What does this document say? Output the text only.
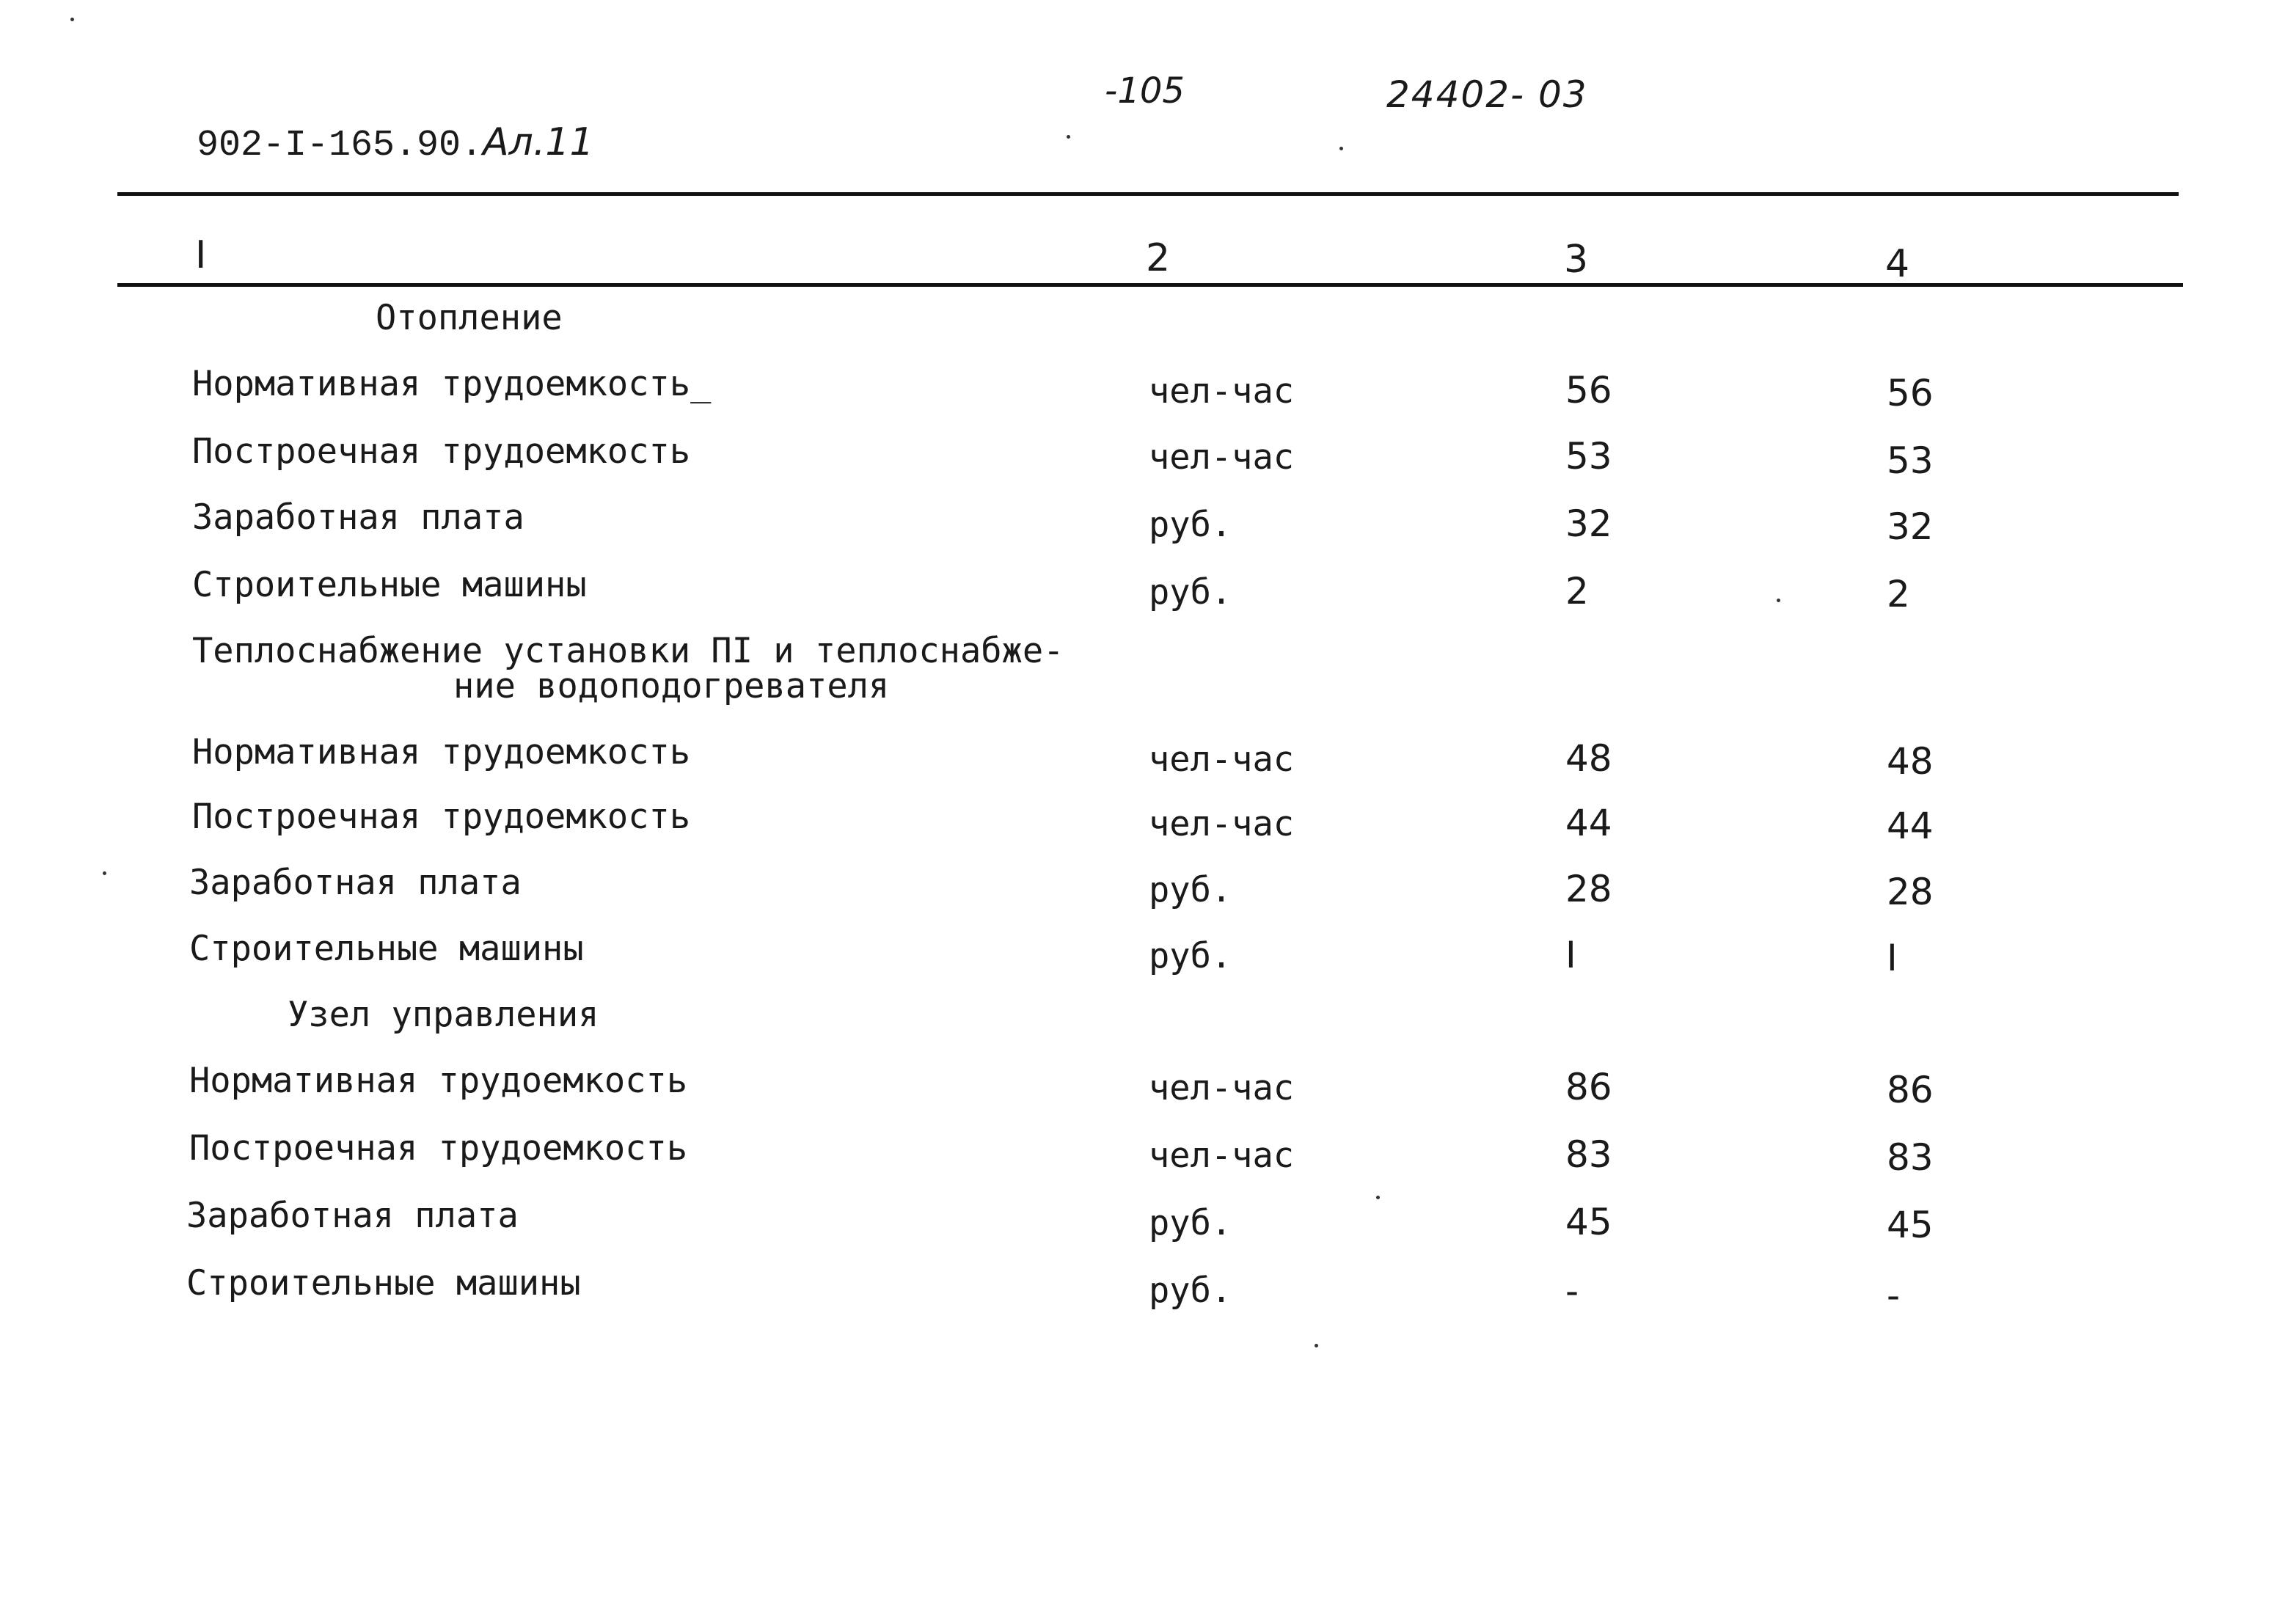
902-I-165.90.Ал.11
-105	24402- 03
I	2	3	4
Отопление
Нормативная трудоемкость_	чел-час	56	56
Построечная трудоемкость	чел-час	53	53
Заработная плата	руб.	32	32
Строительные машины	руб.	2	2
Теплоснабжение установки ПI и теплоснабже-
ние водоподогревателя
Нормативная трудоемкость	чел-час	48	48
Построечная трудоемкость	чел-час	44	44
Заработная плата	руб.	28	28
Строительные машины	руб.	I	I
Узел управления
Нормативная трудоемкость	чел-час	86	86
Построечная трудоемкость	чел-час	83	83
Заработная плата	руб.	45	45
Строительные машины	руб.	-	-
